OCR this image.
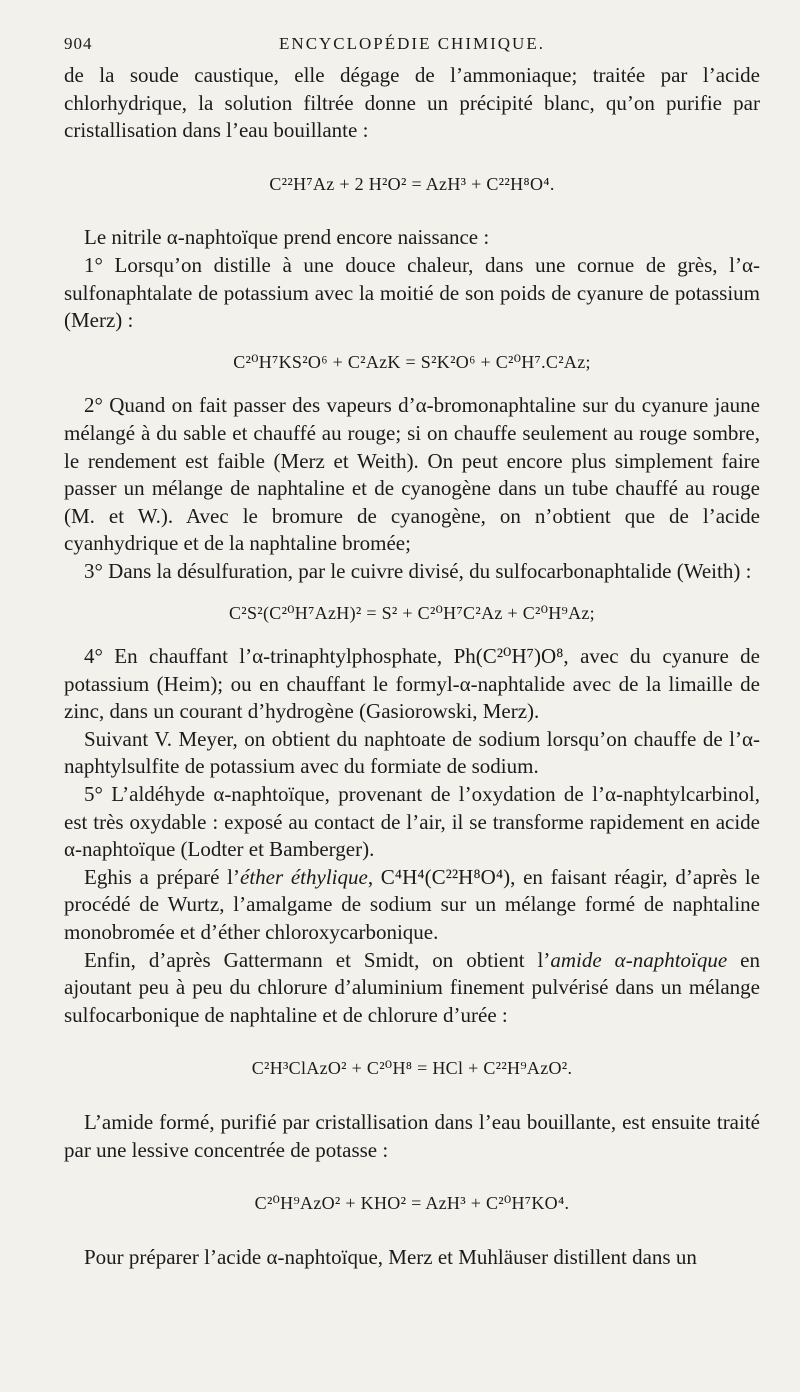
904	ENCYCLOPÉDIE CHIMIQUE.

de la soude caustique, elle dégage de l’ammoniaque; traitée par l’acide chlorhydrique, la solution filtrée donne un précipité blanc, qu’on purifie par cristallisation dans l’eau bouillante :

C²²H⁷Az + 2 H²O² = AzH³ + C²²H⁸O⁴.

Le nitrile α-naphtoïque prend encore naissance :

1° Lorsqu’on distille à une douce chaleur, dans une cornue de grès, l’α-sulfonaphtalate de potassium avec la moitié de son poids de cyanure de potassium (Merz) :

C²⁰H⁷KS²O⁶ + C²AzK = S²K²O⁶ + C²⁰H⁷.C²Az;

2° Quand on fait passer des vapeurs d’α-bromonaphtaline sur du cyanure jaune mélangé à du sable et chauffé au rouge; si on chauffe seulement au rouge sombre, le rendement est faible (Merz et Weith). On peut encore plus simplement faire passer un mélange de naphtaline et de cyanogène dans un tube chauffé au rouge (M. et W.). Avec le bromure de cyanogène, on n’obtient que de l’acide cyanhydrique et de la naphtaline bromée;

3° Dans la désulfuration, par le cuivre divisé, du sulfocarbonaphtalide (Weith) :

C²S²(C²⁰H⁷AzH)² = S² + C²⁰H⁷C²Az + C²⁰H⁹Az;

4° En chauffant l’α-trinaphtylphosphate, Ph(C²⁰H⁷)O⁸, avec du cyanure de potassium (Heim); ou en chauffant le formyl-α-naphtalide avec de la limaille de zinc, dans un courant d’hydrogène (Gasiorowski, Merz).

Suivant V. Meyer, on obtient du naphtoate de sodium lorsqu’on chauffe de l’α-naphtylsulfite de potassium avec du formiate de sodium.

5° L’aldéhyde α-naphtoïque, provenant de l’oxydation de l’α-naphtylcarbinol, est très oxydable : exposé au contact de l’air, il se transforme rapidement en acide α-naphtoïque (Lodter et Bamberger).

Eghis a préparé l’éther éthylique, C⁴H⁴(C²²H⁸O⁴), en faisant réagir, d’après le procédé de Wurtz, l’amalgame de sodium sur un mélange formé de naphtaline monobromée et d’éther chloroxycarbonique.

Enfin, d’après Gattermann et Smidt, on obtient l’amide α-naphtoïque en ajoutant peu à peu du chlorure d’aluminium finement pulvérisé dans un mélange sulfocarbonique de naphtaline et de chlorure d’urée :

C²H³ClAzO² + C²⁰H⁸ = HCl + C²²H⁹AzO².

L’amide formé, purifié par cristallisation dans l’eau bouillante, est ensuite traité par une lessive concentrée de potasse :

C²⁰H⁹AzO² + KHO² = AzH³ + C²⁰H⁷KO⁴.

Pour préparer l’acide α-naphtoïque, Merz et Muhläuser distillent dans un
